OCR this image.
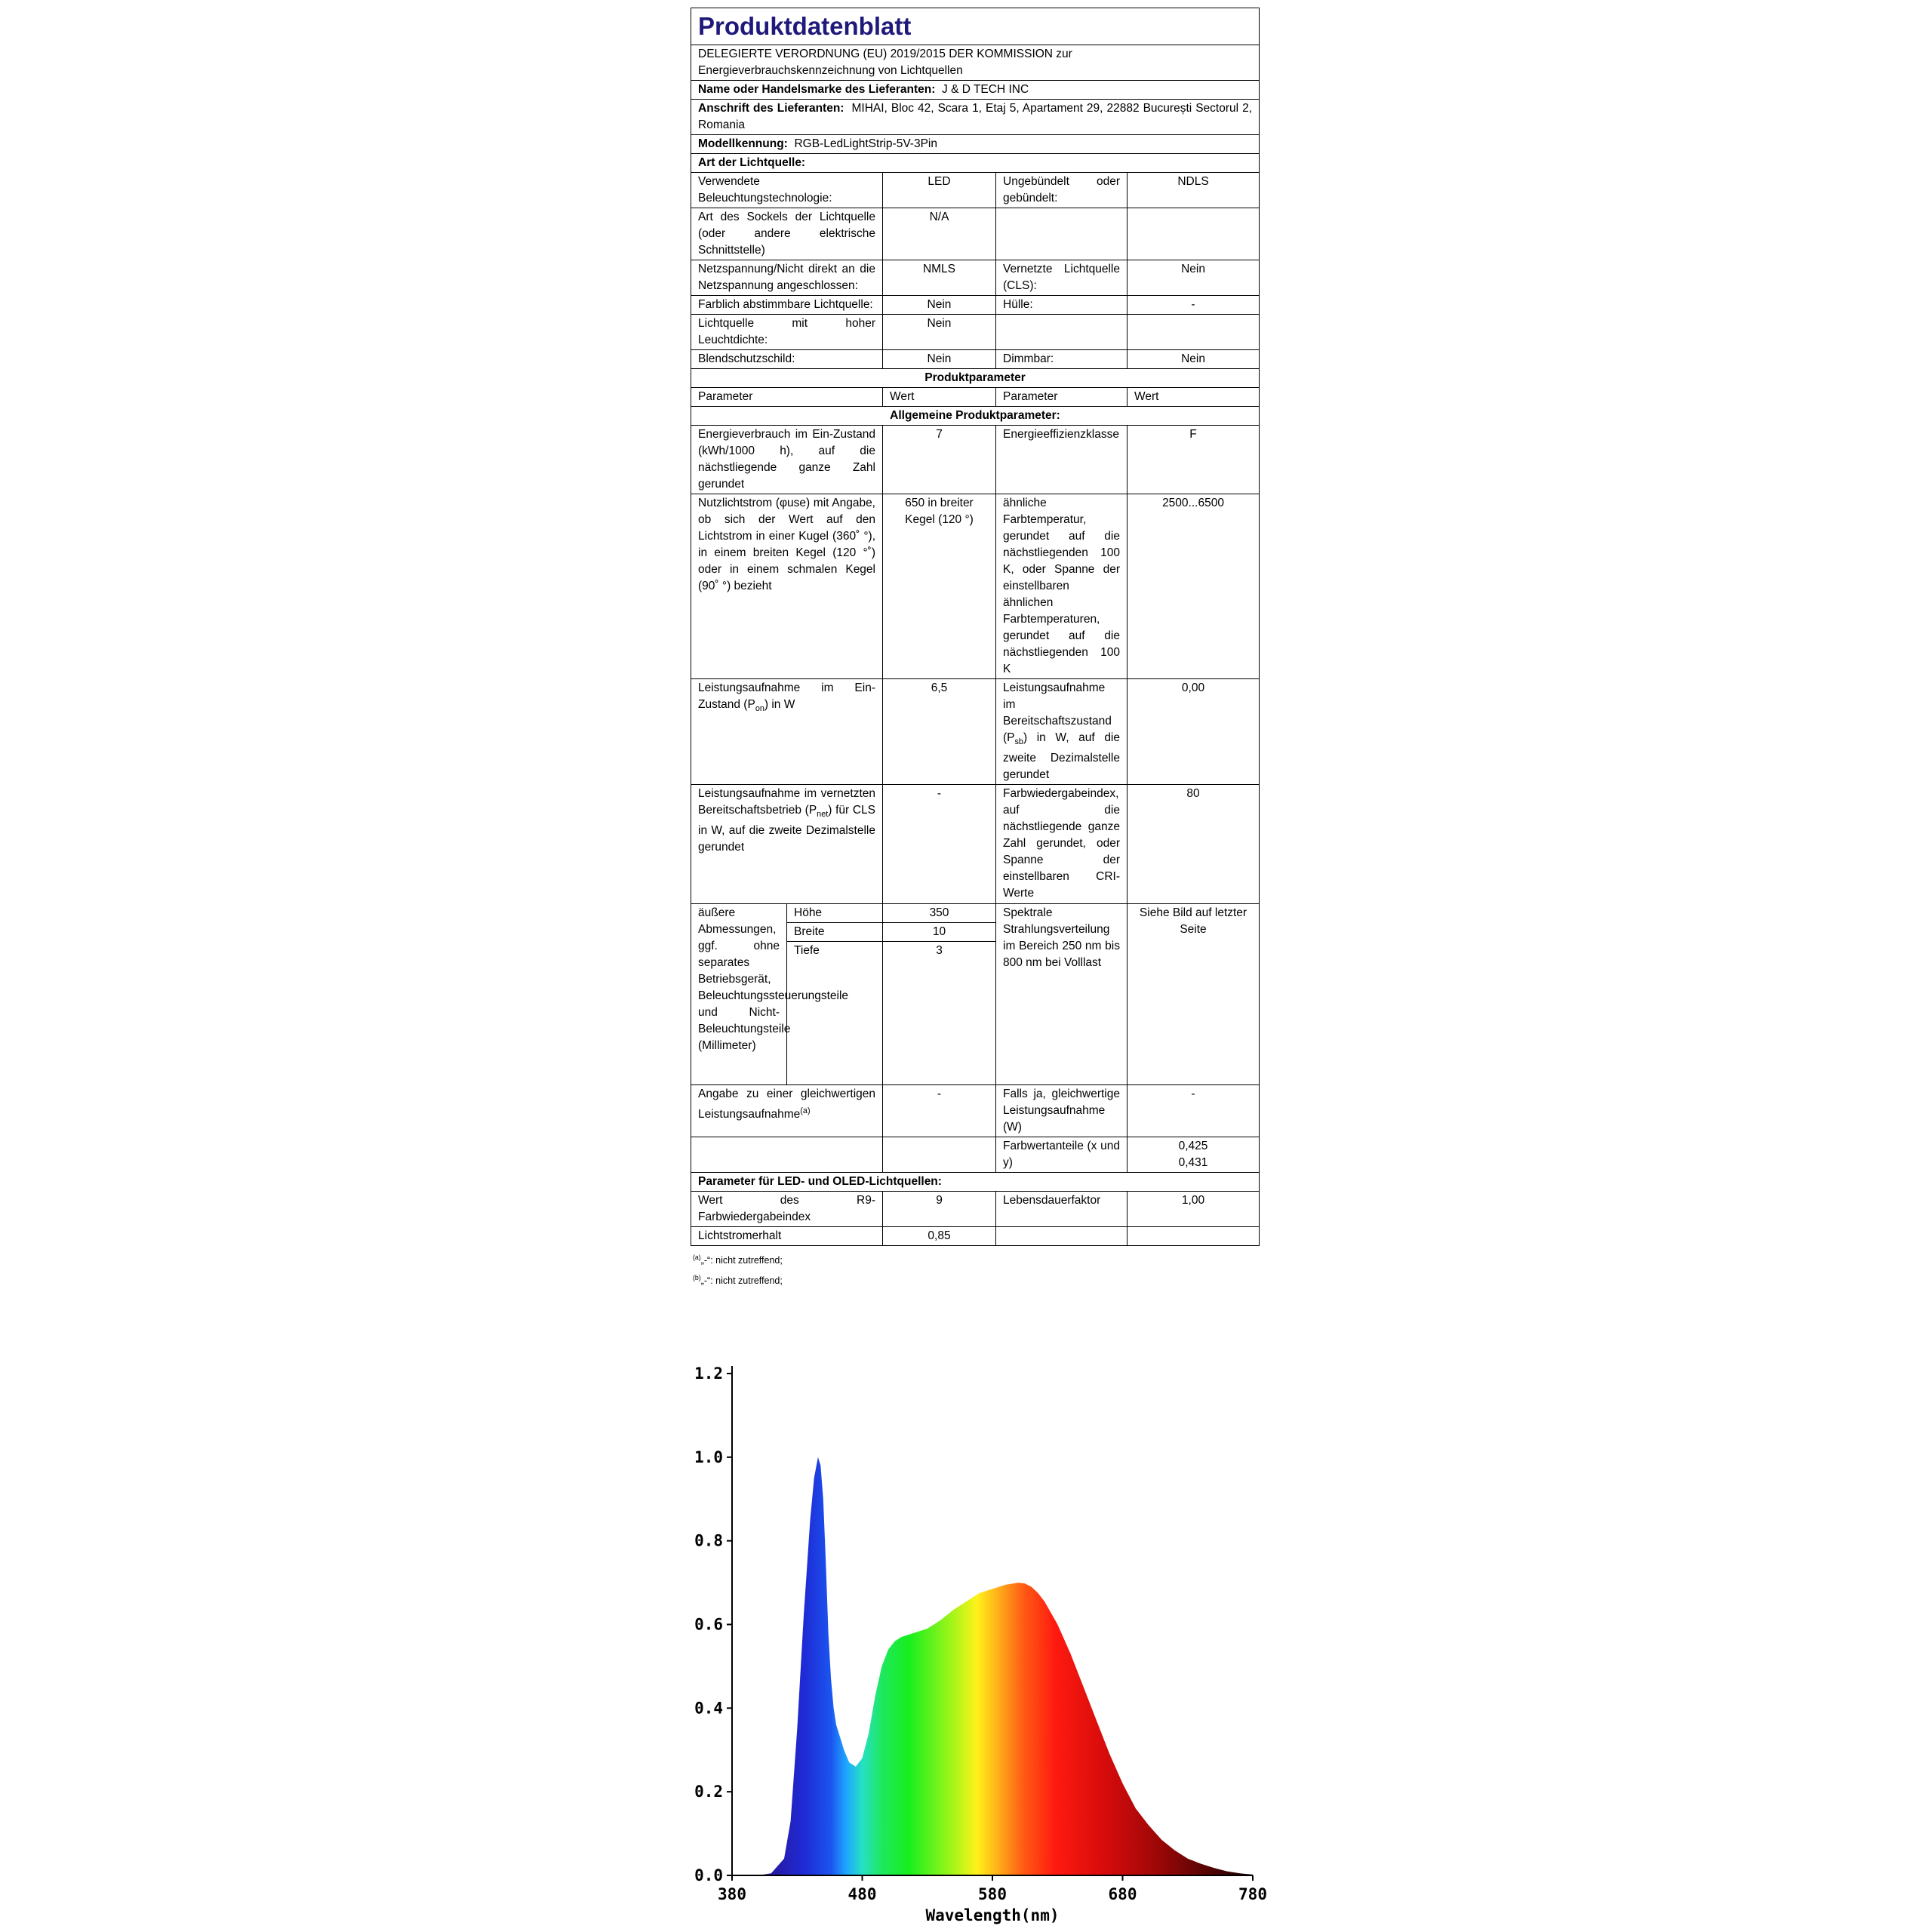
Produktdatenblatt				
DELEGIERTE VERORDNUNG (EU) 2019/2015 DER KOMMISSION zur Energieverbrauchskennzeichnung von Lichtquellen				
Name oder Handelsmarke des Lieferanten: J & D TECH INC				
Anschrift des Lieferanten: MIHAI, Bloc 42, Scara 1, Etaj 5, Apartament 29, 22882 București Sectorul 2, Romania				
Modellkennung: RGB-LedLightStrip-5V-3Pin				
Art der Lichtquelle:				
Verwendete Beleuchtungstechnologie:		LED	Ungebündelt oder gebündelt:	NDLS
Art des Sockels der Lichtquelle (oder andere elektrische Schnittstelle)		N/A		
Netzspannung/Nicht direkt an die Netzspannung angeschlossen:		NMLS	Vernetzte Lichtquelle (CLS):	Nein
Farblich abstimmbare Lichtquelle:		Nein	Hülle:	-
Lichtquelle mit hoher Leuchtdichte:		Nein		
Blendschutzschild:		Nein	Dimmbar:	Nein
Produktparameter				
Parameter		Wert	Parameter	Wert
Allgemeine Produktparameter:				
Energieverbrauch im Ein-Zustand (kWh/1000 h), auf die nächstliegende ganze Zahl gerundet		7	Energieeffizienzklasse	F
Nutzlichtstrom (φuse) mit Angabe, ob sich der Wert auf den Lichtstrom in einer Kugel (360˚ °), in einem breiten Kegel (120 °˚) oder in einem schmalen Kegel (90˚ °) bezieht		650 in breiter Kegel (120 °)	ähnliche Farbtemperatur, gerundet auf die nächstliegenden 100 K, oder Spanne der einstellbaren ähnlichen Farbtemperaturen, gerundet auf die nächstliegenden 100 K	2500...6500
Leistungsaufnahme im Ein-Zustand $(P_{on})$ in W		6,5	Leistungsaufnahme im Bereitschaftszustand $(P_{sb})$ in W, auf die zweite Dezimalstelle gerundet	0,00
Leistungsaufnahme im vernetzten Bereitschaftsbetrieb $(P_{net})$ für CLS in W, auf die zweite Dezimalstelle gerundet		-	Farbwiedergabeindex, auf die nächstliegende ganze Zahl gerundet, oder Spanne der einstellbaren CRI-Werte	80
äußere Abmessungen, ggf. ohne separates Betriebsgerät, Beleuchtungssteuerungsteile und Nicht-Beleuchtungsteile (Millimeter)	Höhe	350	Spektrale Strahlungsverteilung im Bereich 250 nm bis 800 nm bei Volllast	Siehe Bild auf letzter Seite
	Breite	10		
	Tiefe	3		
Angabe zu einer gleichwertigen Leistungsaufnahme$^{(a)}$		-	Falls ja, gleichwertige Leistungsaufnahme (W)	-
			Farbwertanteile (x und y)	0,425
0,431
Parameter für LED- und OLED-Lichtquellen:				
Wert des R9-Farbwiedergabeindex		9	Lebensdauerfaktor	1,00
Lichtstromerhalt		0,85		
$^{(a)}$„-“: nicht zutreffend;
$^{(b)}$„-“: nicht zutreffend;
380	480	580	680	780
0.0
0.2
0.4
0.6
0.8
1.0
1.2
Wavelength(nm)
